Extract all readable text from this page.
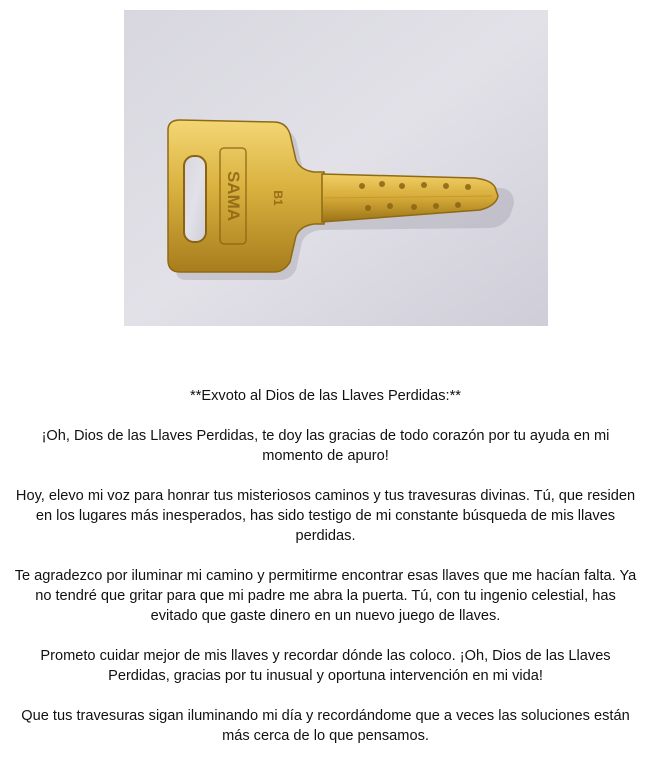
SAMA B1

**Exvoto al Dios de las Llaves Perdidas:**

¡Oh, Dios de las Llaves Perdidas, te doy las gracias de todo corazón por tu ayuda en mi momento de apuro!

Hoy, elevo mi voz para honrar tus misteriosos caminos y tus travesuras divinas. Tú, que residen en los lugares más inesperados, has sido testigo de mi constante búsqueda de mis llaves perdidas.

Te agradezco por iluminar mi camino y permitirme encontrar esas llaves que me hacían falta. Ya no tendré que gritar para que mi padre me abra la puerta. Tú, con tu ingenio celestial, has evitado que gaste dinero en un nuevo juego de llaves.

Prometo cuidar mejor de mis llaves y recordar dónde las coloco. ¡Oh, Dios de las Llaves Perdidas, gracias por tu inusual y oportuna intervención en mi vida!

Que tus travesuras sigan iluminando mi día y recordándome que a veces las soluciones están más cerca de lo que pensamos.
